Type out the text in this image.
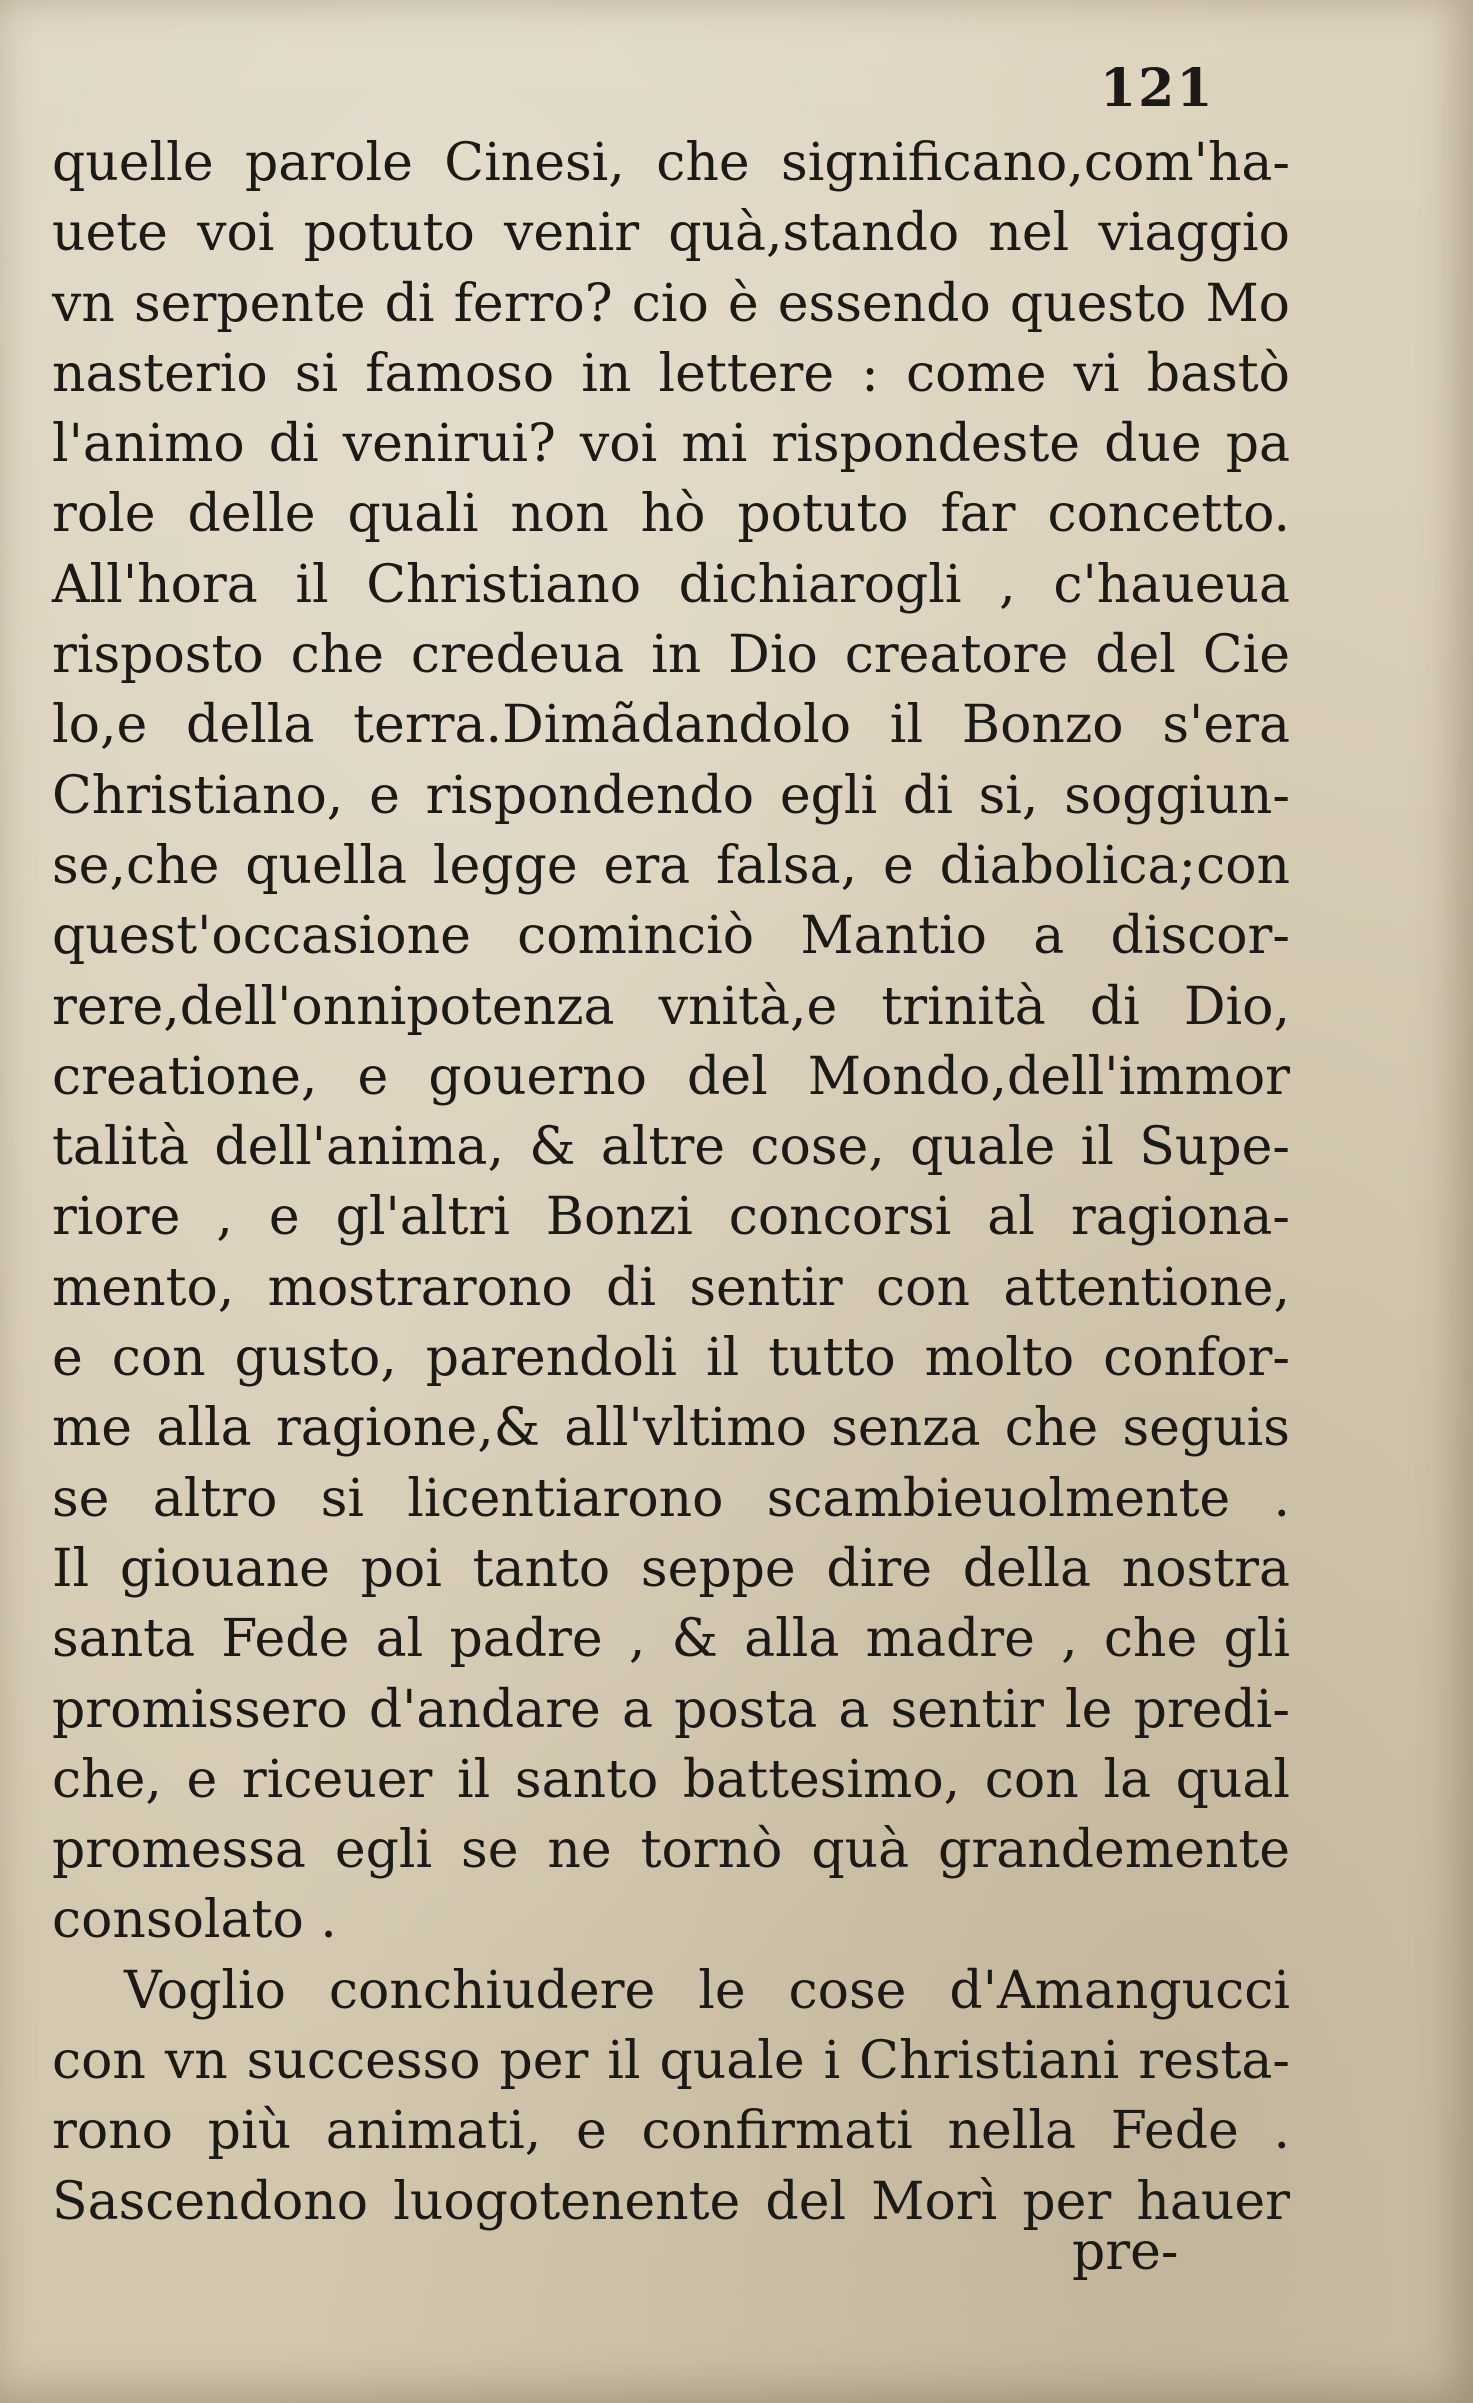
121
quelle parole Cinesi, che significano,com'ha-
uete voi potuto venir quà,stando nel viaggio
vn serpente di ferro? cio è essendo questo Mo
nasterio si famoso in lettere : come vi bastò
l'animo di venirui? voi mi rispondeste due pa
role delle quali non hò potuto far concetto.
All'hora il Christiano dichiarogli , c'haueua
risposto che credeua in Dio creatore del Cie
lo,e della terra.Dimãdandolo il Bonzo s'era
Christiano, e rispondendo egli di si, soggiun-
se,che quella legge era falsa, e diabolica;con
quest'occasione cominciò Mantio a discor-
rere,dell'onnipotenza vnità,e trinità di Dio,
creatione, e gouerno del Mondo,dell'immor
talità dell'anima, & altre cose, quale il Supe-
riore , e gl'altri Bonzi concorsi al ragiona-
mento, mostrarono di sentir con attentione,
e con gusto, parendoli il tutto molto confor-
me alla ragione,& all'vltimo senza che seguis
se altro si licentiarono scambieuolmente .
Il giouane poi tanto seppe dire della nostra
santa Fede al padre , & alla madre , che gli
promissero d'andare a posta a sentir le predi-
che, e riceuer il santo battesimo, con la qual
promessa egli se ne tornò quà grandemente
consolato .
Voglio conchiudere le cose d'Amangucci
con vn successo per il quale i Christiani resta-
rono più animati, e confirmati nella Fede .
Sascendono luogotenente del Morì per hauer
pre-
